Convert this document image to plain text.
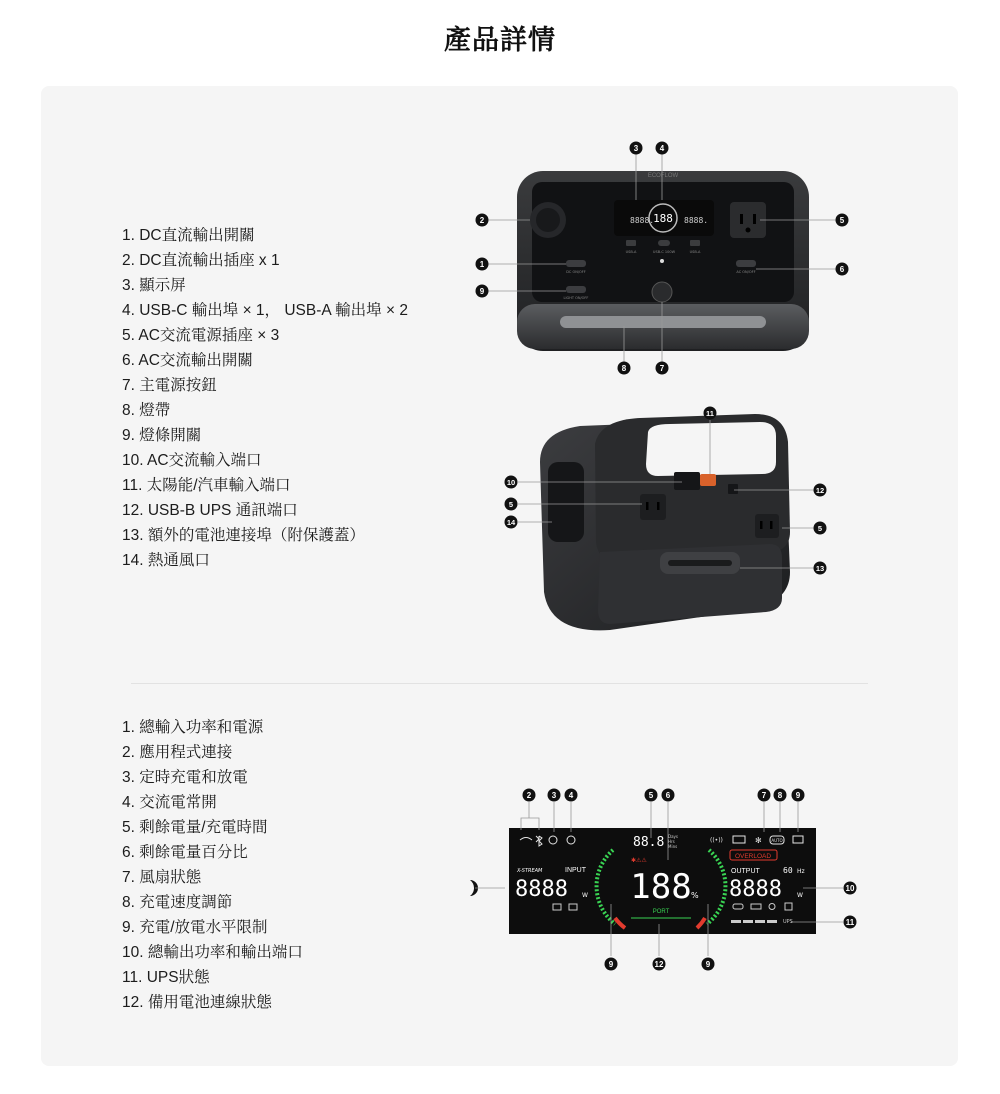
產品詳情
1. DC直流輸出開關
2. DC直流輸出插座 x 1
3. 顯示屏
4. USB-C 輸出埠 × 1， USB-A 輸出埠 × 2
5. AC交流電源插座 × 3
6. AC交流輸出開關
7. 主電源按鈕
8. 燈帶
9. 燈條開關
10. AC交流輸入端口
11. 太陽能/汽車輸入端口
12. USB-B UPS 通訊端口
13. 額外的電池連接埠（附保護蓋）
14. 熱通風口
ECOFLOW
8888.
188 8888.
USB-A	USB-C 100W	USB-A
DC ON/OFF	AC ON/OFF
LIGHT ON/OFF
3	4
2	5
1
6
9
8	7
11
10
12
5
14
5
13
1. 總輸入功率和電源
2. 應用程式連接
3. 定時充電和放電
4. 交流電常開
5. 剩餘電量/充電時間
6. 剩餘電量百分比
7. 風扇狀態
8. 充電速度調節
9. 充電/放電水平限制
10. 總輸出功率和輸出端口
11. UPS狀態
12. 備用電池連線狀態
88.8 Days
Hrs
Mins
((•))	✻ AUTO
X-STREAM	INPUT
8888 W
✱⚠⚠
188 %
PORT
OVERLOAD
OUTPUT	60 Hz
8888	W
UPS
2	3 4	5 6	7 8 9
9	12	9
10
11
